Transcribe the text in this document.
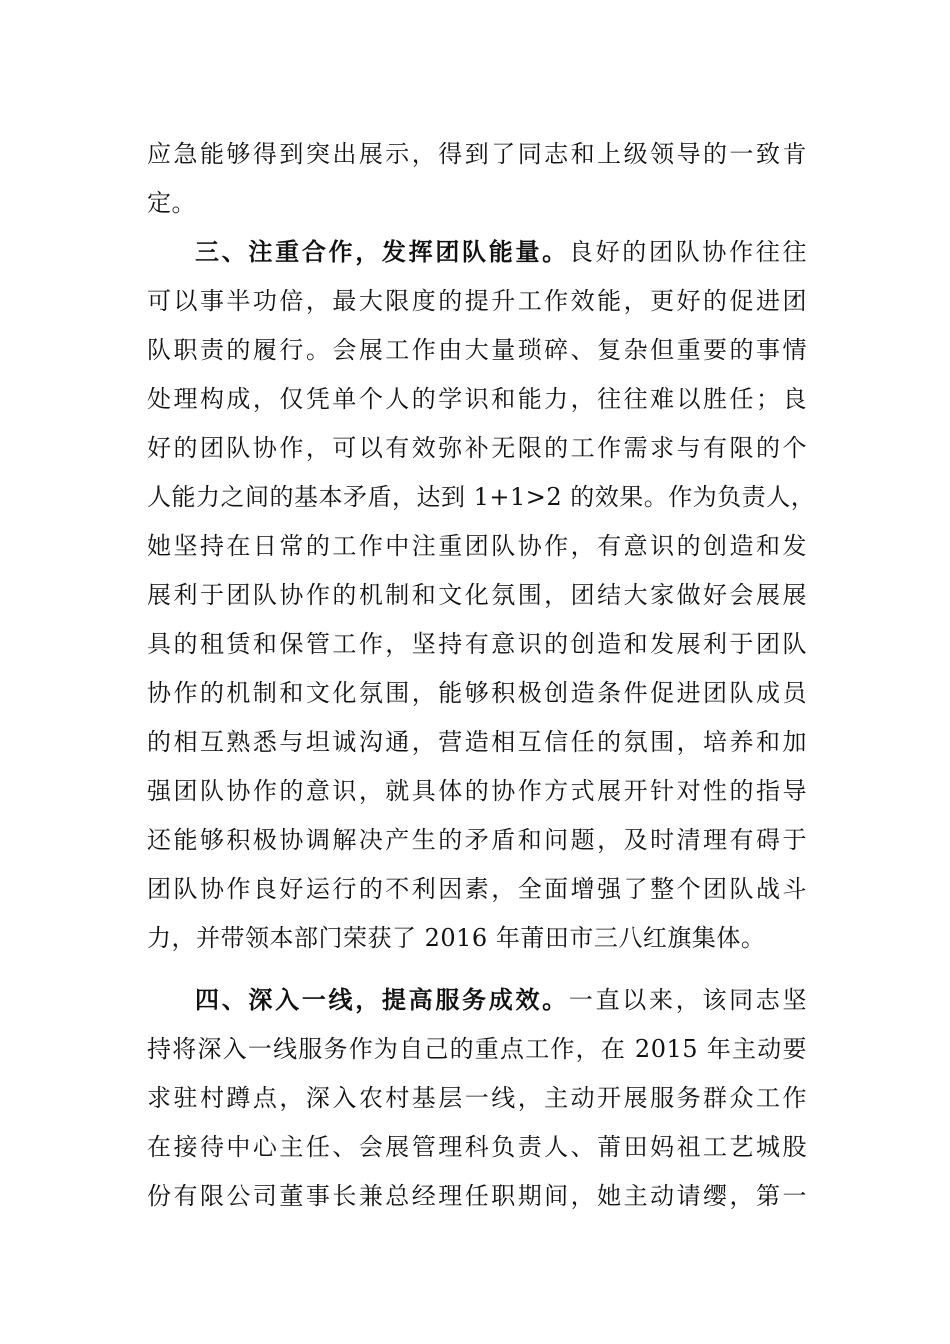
应急能够得到突出展示，得到了同志和上级领导的一致肯
定。
三、注重合作，发挥团队能量。良好的团队协作往往
可以事半功倍，最大限度的提升工作效能，更好的促进团
队职责的履行。会展工作由大量琐碎、复杂但重要的事情
处理构成，仅凭单个人的学识和能力，往往难以胜任；良
好的团队协作，可以有效弥补无限的工作需求与有限的个
人能力之间的基本矛盾，达到 1+1>2 的效果。作为负责人，
她坚持在日常的工作中注重团队协作，有意识的创造和发
展利于团队协作的机制和文化氛围，团结大家做好会展展
具的租赁和保管工作，坚持有意识的创造和发展利于团队
协作的机制和文化氛围，能够积极创造条件促进团队成员
的相互熟悉与坦诚沟通，营造相互信任的氛围，培养和加
强团队协作的意识，就具体的协作方式展开针对性的指导
还能够积极协调解决产生的矛盾和问题，及时清理有碍于
团队协作良好运行的不利因素，全面增强了整个团队战斗
力，并带领本部门荣获了 2016 年莆田市三八红旗集体。
四、深入一线，提高服务成效。一直以来，该同志坚
持将深入一线服务作为自己的重点工作，在 2015 年主动要
求驻村蹲点，深入农村基层一线，主动开展服务群众工作
在接待中心主任、会展管理科负责人、莆田妈祖工艺城股
份有限公司董事长兼总经理任职期间，她主动请缨，第一
